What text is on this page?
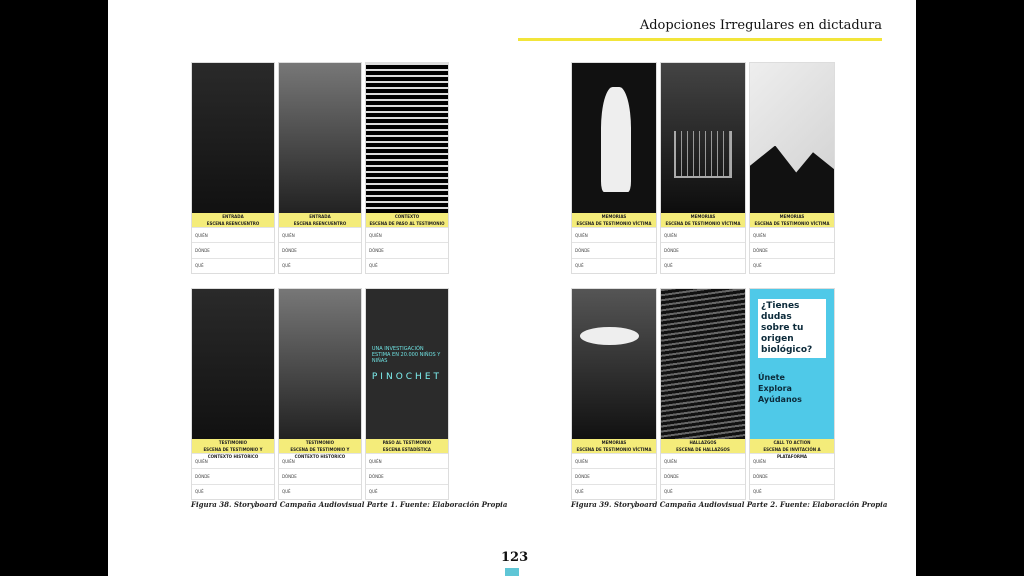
Adopciones Irregulares en dictadura
ENTRADA
ESCENA REENCUENTRO
QUIÉN
DÓNDE
QUÉ
ENTRADA
ESCENA REENCUENTRO
QUIÉN
DÓNDE
QUÉ
CONTEXTO
ESCENA DE PASO AL TESTIMONIO
QUIÉN
DÓNDE
QUÉ
TESTIMONIO
ESCENA DE TESTIMONIO Y CONTEXTO HISTÓRICO
QUIÉN
DÓNDE
QUÉ
TESTIMONIO
ESCENA DE TESTIMONIO Y CONTEXTO HISTÓRICO
QUIÉN
DÓNDE
QUÉ
UNA INVESTIGACIÓN ESTIMA EN 20.000 NIÑOS Y NIÑAS
PINOCHET
PASO AL TESTIMONIO
ESCENA ESTADÍSTICA
QUIÉN
DÓNDE
QUÉ
Figura 38. Storyboard Campaña Audiovisual Parte 1. Fuente: Elaboración Propia
MEMORIAS
ESCENA DE TESTIMONIO VÍCTIMA
QUIÉN
DÓNDE
QUÉ
MEMORIAS
ESCENA DE TESTIMONIO VÍCTIMA
QUIÉN
DÓNDE
QUÉ
MEMORIAS
ESCENA DE TESTIMONIO VÍCTIMA
QUIÉN
DÓNDE
QUÉ
MEMORIAS
ESCENA DE TESTIMONIO VÍCTIMA
QUIÉN
DÓNDE
QUÉ
HALLAZGOS
ESCENA DE HALLAZGOS
QUIÉN
DÓNDE
QUÉ
¿Tienes dudas sobre tu origen biológico?
Únete
Explora
Ayúdanos
CALL TO ACTION
ESCENA DE INVITACIÓN A PLATAFORMA
QUIÉN
DÓNDE
QUÉ
Figura 39. Storyboard Campaña Audiovisual Parte 2. Fuente: Elaboración Propia
123
